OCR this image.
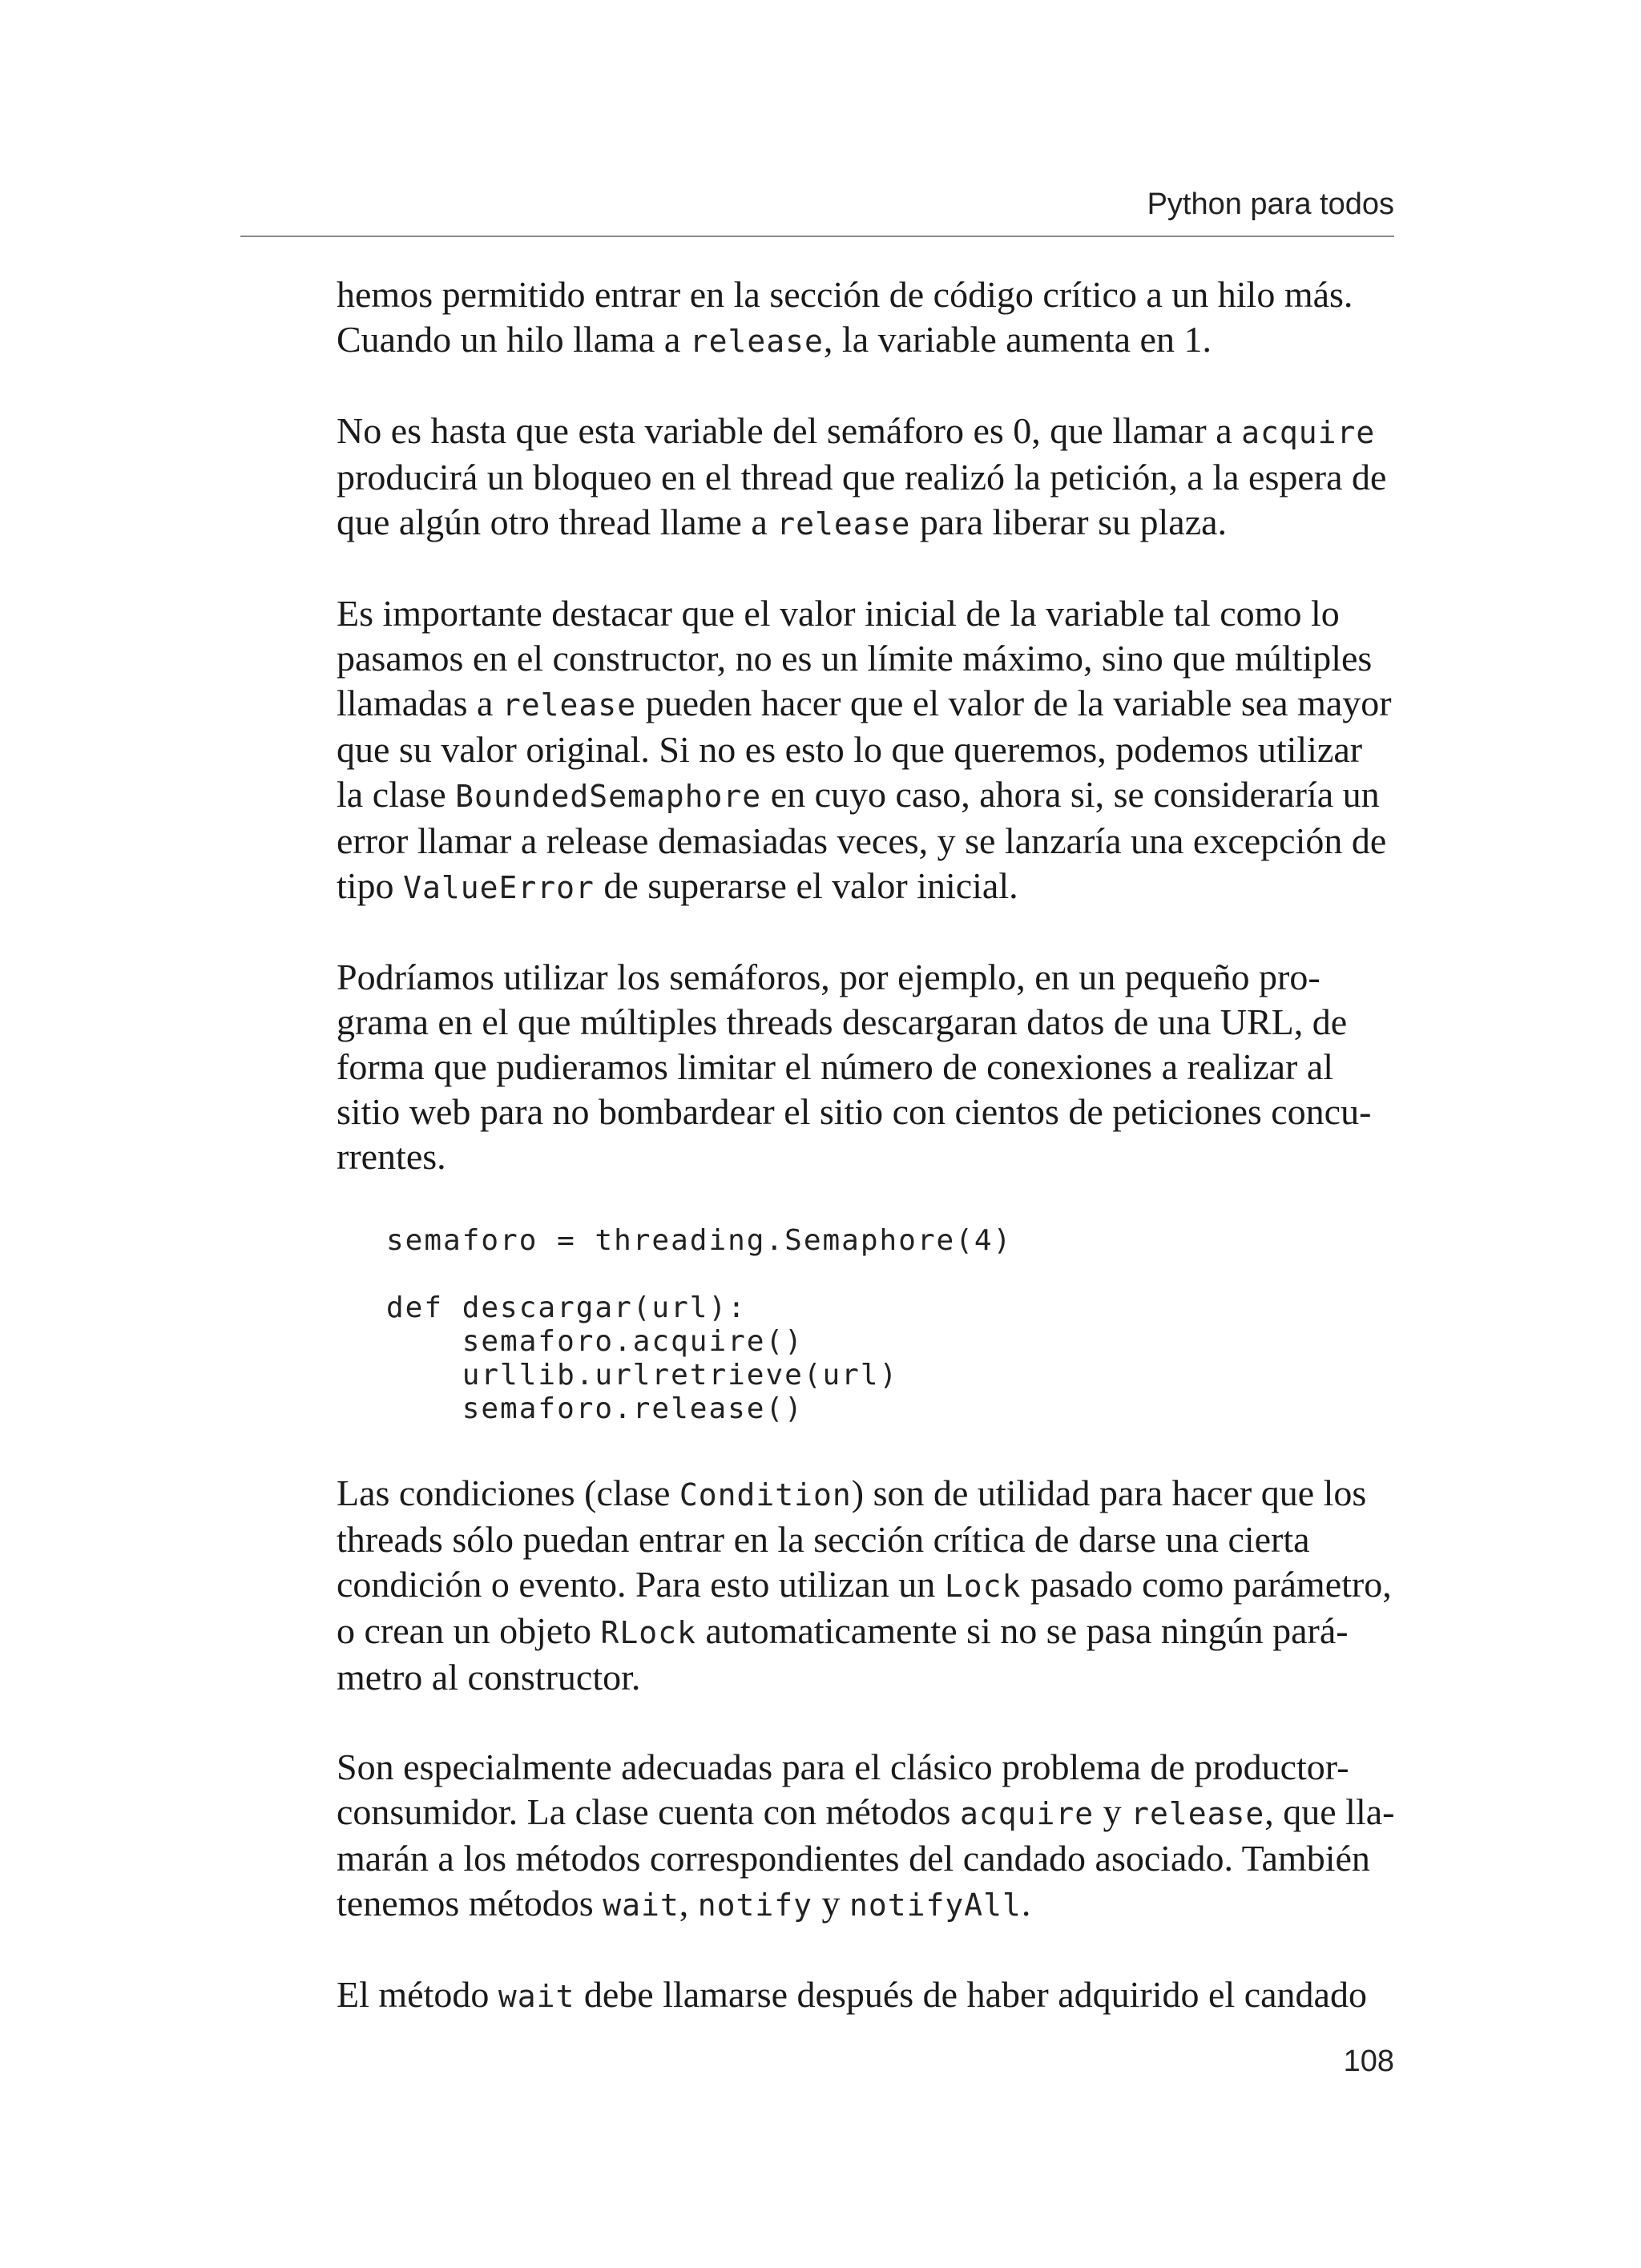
Python para todos

hemos permitido entrar en la sección de código crítico a un hilo más.
Cuando un hilo llama a release, la variable aumenta en 1.

No es hasta que esta variable del semáforo es 0, que llamar a acquire
producirá un bloqueo en el thread que realizó la petición, a la espera de
que algún otro thread llame a release para liberar su plaza.

Es importante destacar que el valor inicial de la variable tal como lo
pasamos en el constructor, no es un límite máximo, sino que múltiples
llamadas a release pueden hacer que el valor de la variable sea mayor
que su valor original. Si no es esto lo que queremos, podemos utilizar
la clase BoundedSemaphore en cuyo caso, ahora si, se consideraría un
error llamar a release demasiadas veces, y se lanzaría una excepción de
tipo ValueError de superarse el valor inicial.

Podríamos utilizar los semáforos, por ejemplo, en un pequeño pro-
grama en el que múltiples threads descargaran datos de una URL, de
forma que pudieramos limitar el número de conexiones a realizar al
sitio web para no bombardear el sitio con cientos de peticiones concu-
rrentes.

semaforo = threading.Semaphore(4)

def descargar(url):
semaforo.acquire()
urllib.urlretrieve(url)
semaforo.release()

Las condiciones (clase Condition) son de utilidad para hacer que los
threads sólo puedan entrar en la sección crítica de darse una cierta
condición o evento. Para esto utilizan un Lock pasado como parámetro,
o crean un objeto RLock automaticamente si no se pasa ningún pará-
metro al constructor.

Son especialmente adecuadas para el clásico problema de productor-
consumidor. La clase cuenta con métodos acquire y release, que lla-
marán a los métodos correspondientes del candado asociado. También
tenemos métodos wait, notify y notifyAll.

El método wait debe llamarse después de haber adquirido el candado

108
